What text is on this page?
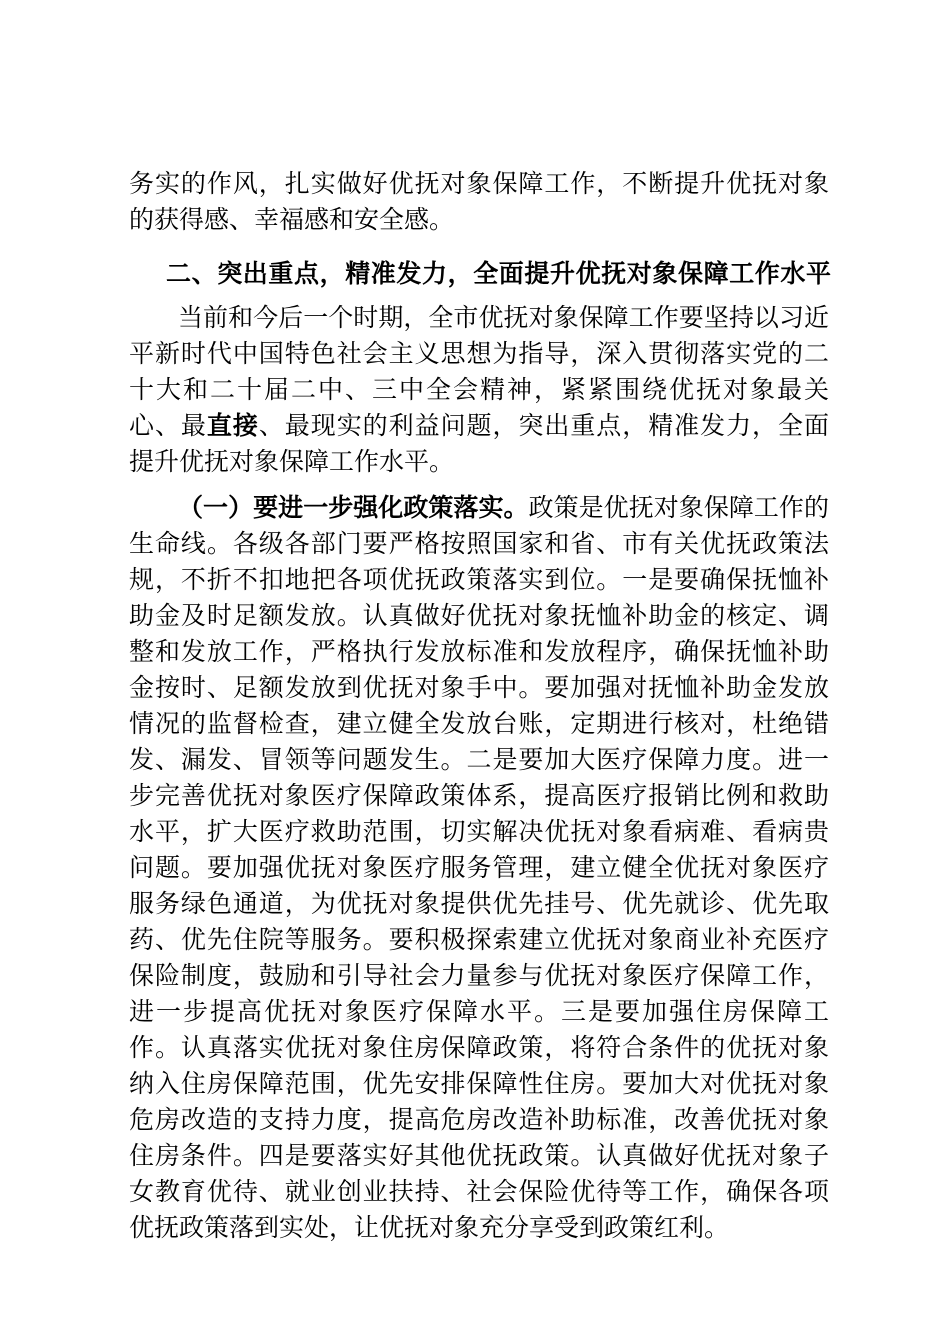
务实的作风，扎实做好优抚对象保障工作，不断提升优抚对象
的获得感、幸福感和安全感。
二、突出重点，精准发力，全面提升优抚对象保障工作水平
当前和今后一个时期，全市优抚对象保障工作要坚持以习近
平新时代中国特色社会主义思想为指导，深入贯彻落实党的二
十大和二十届二中、三中全会精神，紧紧围绕优抚对象最关
心、最直接、最现实的利益问题，突出重点，精准发力，全面
提升优抚对象保障工作水平。
（一）要进一步强化政策落实。政策是优抚对象保障工作的
生命线。各级各部门要严格按照国家和省、市有关优抚政策法
规，不折不扣地把各项优抚政策落实到位。一是要确保抚恤补
助金及时足额发放。认真做好优抚对象抚恤补助金的核定、调
整和发放工作，严格执行发放标准和发放程序，确保抚恤补助
金按时、足额发放到优抚对象手中。要加强对抚恤补助金发放
情况的监督检查，建立健全发放台账，定期进行核对，杜绝错
发、漏发、冒领等问题发生。二是要加大医疗保障力度。进一
步完善优抚对象医疗保障政策体系，提高医疗报销比例和救助
水平，扩大医疗救助范围，切实解决优抚对象看病难、看病贵
问题。要加强优抚对象医疗服务管理，建立健全优抚对象医疗
服务绿色通道，为优抚对象提供优先挂号、优先就诊、优先取
药、优先住院等服务。要积极探索建立优抚对象商业补充医疗
保险制度，鼓励和引导社会力量参与优抚对象医疗保障工作，
进一步提高优抚对象医疗保障水平。三是要加强住房保障工
作。认真落实优抚对象住房保障政策，将符合条件的优抚对象
纳入住房保障范围，优先安排保障性住房。要加大对优抚对象
危房改造的支持力度，提高危房改造补助标准，改善优抚对象
住房条件。四是要落实好其他优抚政策。认真做好优抚对象子
女教育优待、就业创业扶持、社会保险优待等工作，确保各项
优抚政策落到实处，让优抚对象充分享受到政策红利。
